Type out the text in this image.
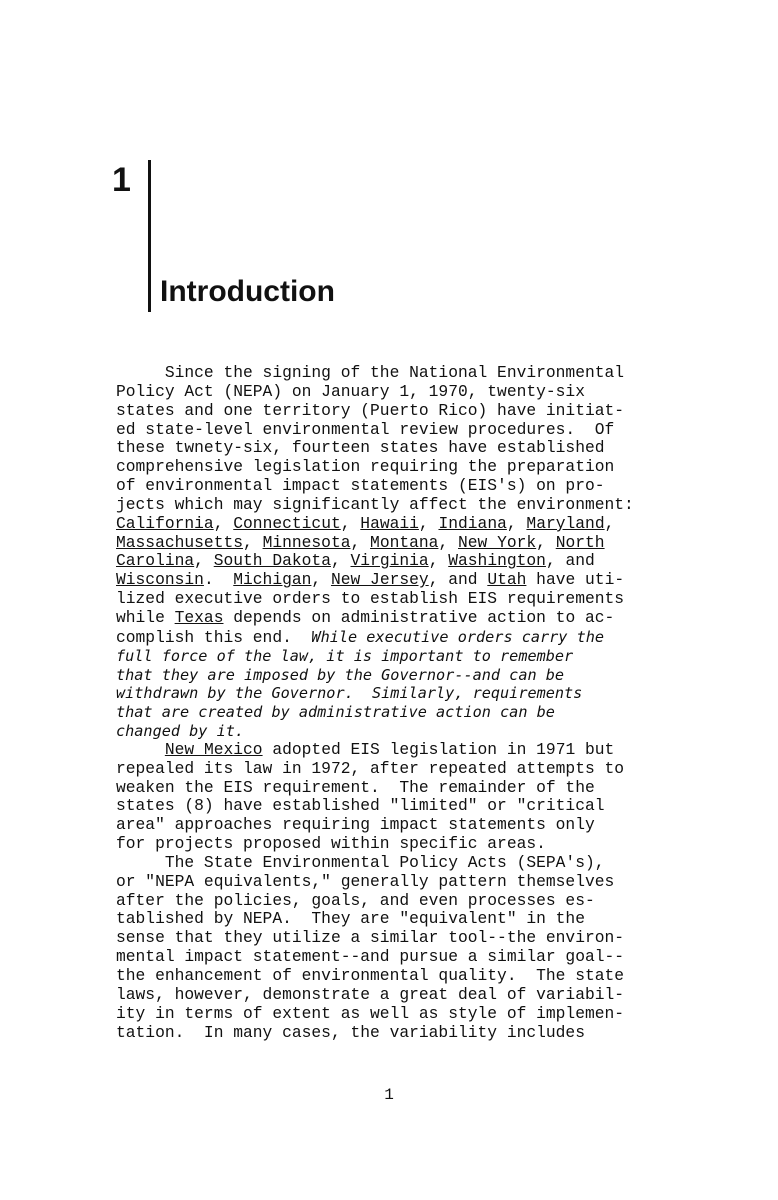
1
Introduction
Since the signing of the National Environmental
Policy Act (NEPA) on January 1, 1970, twenty-six
states and one territory (Puerto Rico) have initiat-
ed state-level environmental review procedures.  Of
these twnety-six, fourteen states have established
comprehensive legislation requiring the preparation
of environmental impact statements (EIS's) on pro-
jects which may significantly affect the environment:
California, Connecticut, Hawaii, Indiana, Maryland,
Massachusetts, Minnesota, Montana, New York, North
Carolina, South Dakota, Virginia, Washington, and
Wisconsin.  Michigan, New Jersey, and Utah have uti-
lized executive orders to establish EIS requirements
while Texas depends on administrative action to ac-
complish this end.  While executive orders carry the
full force of the law, it is important to remember
that they are imposed by the Governor--and can be
withdrawn by the Governor.  Similarly, requirements
that are created by administrative action can be
changed by it.
New Mexico adopted EIS legislation in 1971 but
repealed its law in 1972, after repeated attempts to
weaken the EIS requirement.  The remainder of the
states (8) have established "limited" or "critical
area" approaches requiring impact statements only
for projects proposed within specific areas.
The State Environmental Policy Acts (SEPA's),
or "NEPA equivalents," generally pattern themselves
after the policies, goals, and even processes es-
tablished by NEPA.  They are "equivalent" in the
sense that they utilize a similar tool--the environ-
mental impact statement--and pursue a similar goal--
the enhancement of environmental quality.  The state
laws, however, demonstrate a great deal of variabil-
ity in terms of extent as well as style of implemen-
tation.  In many cases, the variability includes
1
